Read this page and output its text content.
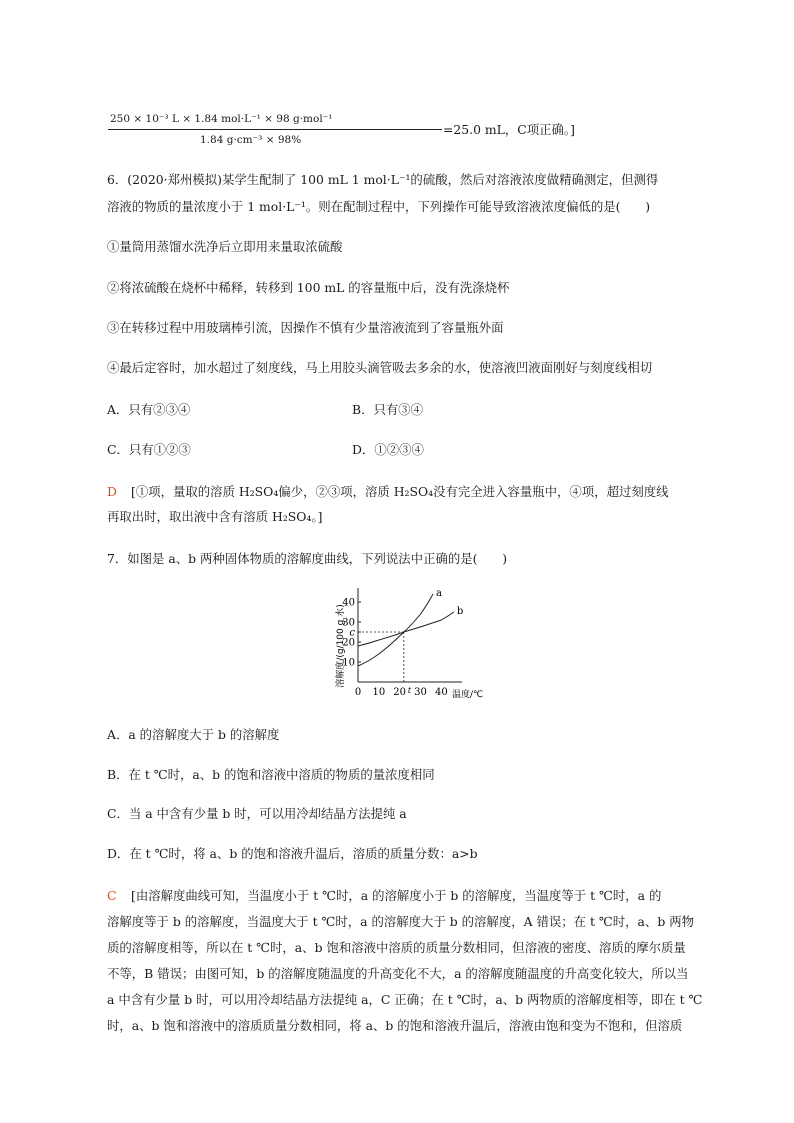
250 × 10⁻³ L × 1.84 mol·L⁻¹ × 98 g·mol⁻¹
1.84 g·cm⁻³ × 98%
=25.0 mL，C项正确。]
6．(2020·郑州模拟)某学生配制了 100 mL 1 mol·L⁻¹的硫酸，然后对溶液浓度做精确测定，但测得
溶液的物质的量浓度小于 1 mol·L⁻¹。则在配制过程中，下列操作可能导致溶液浓度偏低的是(　　)
①量筒用蒸馏水洗净后立即用来量取浓硫酸
②将浓硫酸在烧杯中稀释，转移到 100 mL 的容量瓶中后，没有洗涤烧杯
③在转移过程中用玻璃棒引流，因操作不慎有少量溶液流到了容量瓶外面
④最后定容时，加水超过了刻度线，马上用胶头滴管吸去多余的水，使溶液凹液面刚好与刻度线相切
A．只有②③④	B．只有③④
C．只有①②③	D．①②③④
D [①项，量取的溶质 H₂SO₄偏少，②③项，溶质 H₂SO₄没有完全进入容量瓶中，④项，超过刻度线
再取出时，取出液中含有溶质 H₂SO₄。]
7．如图是 a、b 两种固体物质的溶解度曲线，下列说法中正确的是(　　)
溶解度/(g/100 g 水)
10
20
c
30
40
0 10 20 30 40
t
a
b
温度/℃
A．a 的溶解度大于 b 的溶解度
B．在 t ℃时，a、b 的饱和溶液中溶质的物质的量浓度相同
C．当 a 中含有少量 b 时，可以用冷却结晶方法提纯 a
D．在 t ℃时，将 a、b 的饱和溶液升温后，溶质的质量分数：a>b
C [由溶解度曲线可知，当温度小于 t ℃时，a 的溶解度小于 b 的溶解度，当温度等于 t ℃时，a 的
溶解度等于 b 的溶解度，当温度大于 t ℃时，a 的溶解度大于 b 的溶解度，A 错误；在 t ℃时，a、b 两物
质的溶解度相等，所以在 t ℃时，a、b 饱和溶液中溶质的质量分数相同，但溶液的密度、溶质的摩尔质量
不等，B 错误；由图可知，b 的溶解度随温度的升高变化不大，a 的溶解度随温度的升高变化较大，所以当
a 中含有少量 b 时，可以用冷却结晶方法提纯 a，C 正确；在 t ℃时，a、b 两物质的溶解度相等，即在 t ℃
时，a、b 饱和溶液中的溶质质量分数相同，将 a、b 的饱和溶液升温后，溶液由饱和变为不饱和，但溶质
